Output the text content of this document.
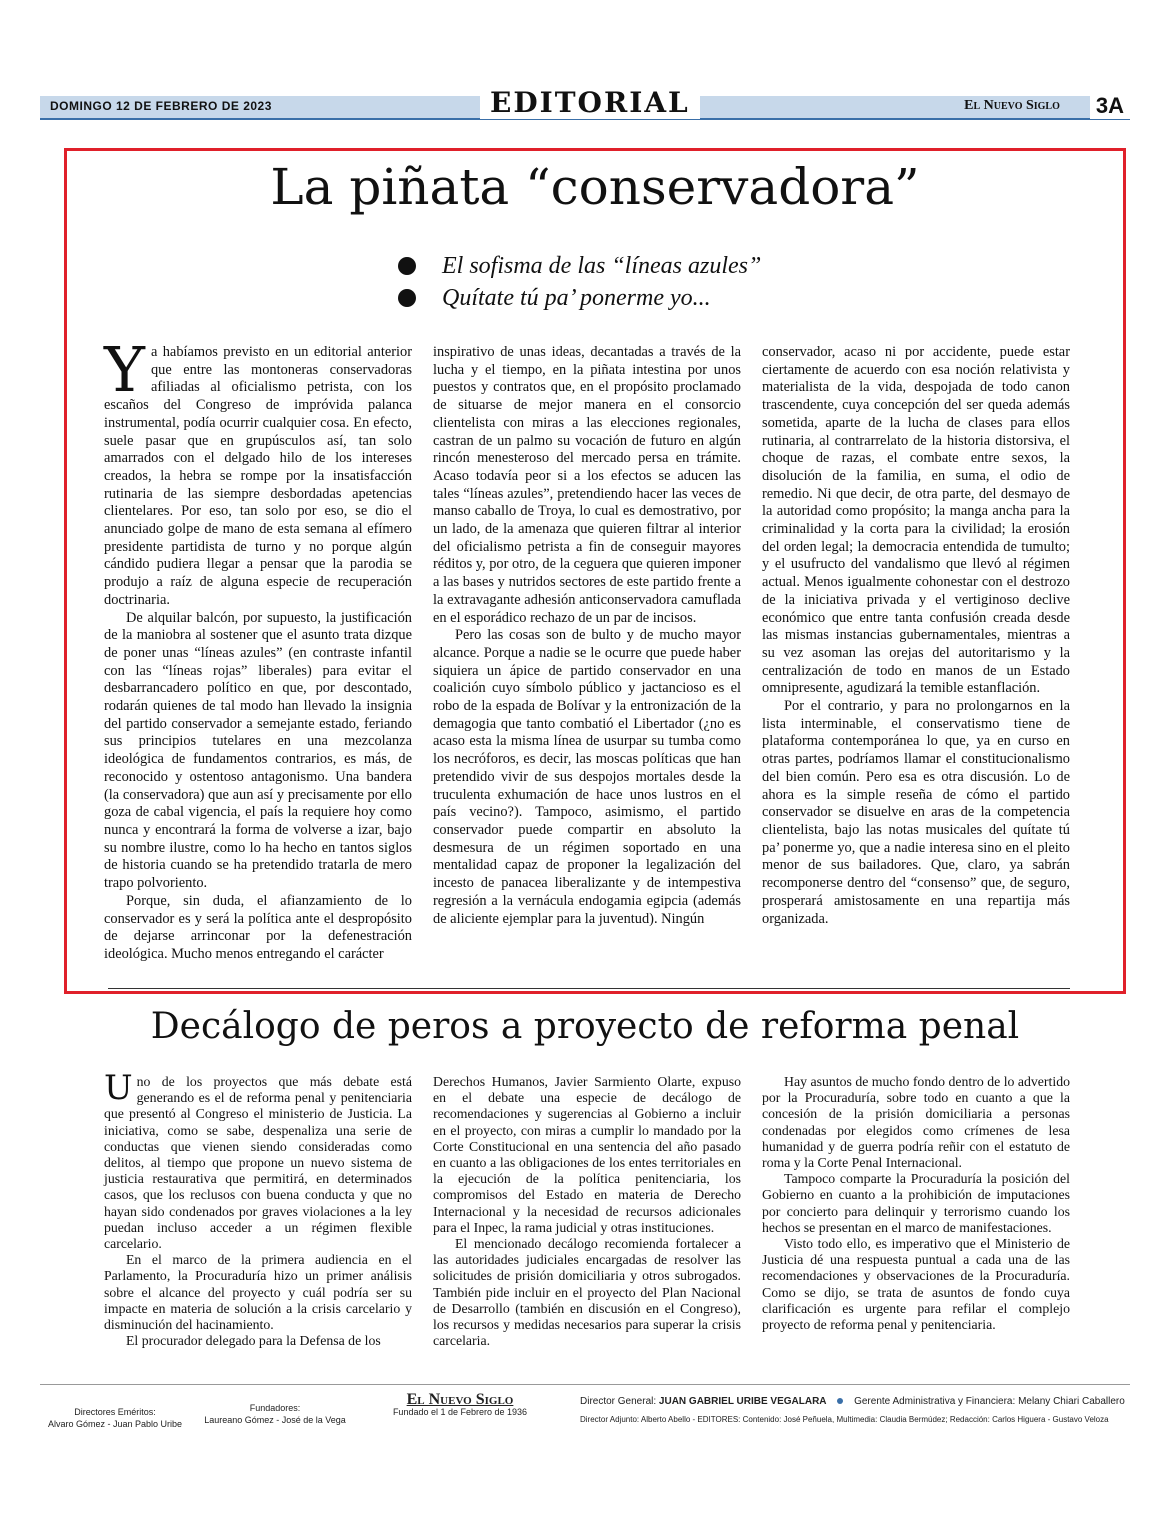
DOMINGO 12 DE FEBRERO DE 2023	EDITORIAL	El Nuevo Siglo 3A
La piñata “conservadora”
El sofisma de las “líneas azules”
Quítate tú pa’ ponerme yo...

Ya habíamos previsto en un editorial anterior que entre las montoneras conservadoras afiliadas al oficialismo petrista, con los escaños del Congreso de impróvida palanca instrumental, podía ocurrir cualquier cosa. En efecto, suele pasar que en grupúsculos así, tan solo amarrados con el delgado hilo de los intereses creados, la hebra se rompe por la insatisfacción rutinaria de las siempre desbordadas apetencias clientelares. Por eso, tan solo por eso, se dio el anunciado golpe de mano de esta semana al efímero presidente partidista de turno y no porque algún cándido pudiera llegar a pensar que la parodia se produjo a raíz de alguna especie de recuperación doctrinaria.

De alquilar balcón, por supuesto, la justificación de la maniobra al sostener que el asunto trata dizque de poner unas “líneas azules” (en contraste infantil con las “líneas rojas” liberales) para evitar el desbarrancadero político en que, por descontado, rodarán quienes de tal modo han llevado la insignia del partido conservador a semejante estado, feriando sus principios tutelares en una mezcolanza ideológica de fundamentos contrarios, es más, de reconocido y ostentoso antagonismo. Una bandera (la conservadora) que aun así y precisamente por ello goza de cabal vigencia, el país la requiere hoy como nunca y encontrará la forma de volverse a izar, bajo su nombre ilustre, como lo ha hecho en tantos siglos de historia cuando se ha pretendido tratarla de mero trapo polvoriento.

Porque, sin duda, el afianzamiento de lo conservador es y será la política ante el despropósito de dejarse arrinconar por la defenestración ideológica. Mucho menos entregando el carácter

inspirativo de unas ideas, decantadas a través de la lucha y el tiempo, en la piñata intestina por unos puestos y contratos que, en el propósito proclamado de situarse de mejor manera en el consorcio clientelista con miras a las elecciones regionales, castran de un palmo su vocación de futuro en algún rincón menesteroso del mercado persa en trámite. Acaso todavía peor si a los efectos se aducen las tales “líneas azules”, pretendiendo hacer las veces de manso caballo de Troya, lo cual es demostrativo, por un lado, de la amenaza que quieren filtrar al interior del oficialismo petrista a fin de conseguir mayores réditos y, por otro, de la ceguera que quieren imponer a las bases y nutridos sectores de este partido frente a la extravagante adhesión anticonservadora camuflada en el esporádico rechazo de un par de incisos.

Pero las cosas son de bulto y de mucho mayor alcance. Porque a nadie se le ocurre que puede haber siquiera un ápice de partido conservador en una coalición cuyo símbolo público y jactancioso es el robo de la espada de Bolívar y la entronización de la demagogia que tanto combatió el Libertador (¿no es acaso esta la misma línea de usurpar su tumba como los necróforos, es decir, las moscas políticas que han pretendido vivir de sus despojos mortales desde la truculenta exhumación de hace unos lustros en el país vecino?). Tampoco, asimismo, el partido conservador puede compartir en absoluto la desmesura de un régimen soportado en una mentalidad capaz de proponer la legalización del incesto de panacea liberalizante y de intempestiva regresión a la vernácula endogamia egipcia (además de aliciente ejemplar para la juventud). Ningún

conservador, acaso ni por accidente, puede estar ciertamente de acuerdo con esa noción relativista y materialista de la vida, despojada de todo canon trascendente, cuya concepción del ser queda además sometida, aparte de la lucha de clases para ellos rutinaria, al contrarrelato de la historia distorsiva, el choque de razas, el combate entre sexos, la disolución de la familia, en suma, el odio de remedio. Ni que decir, de otra parte, del desmayo de la autoridad como propósito; la manga ancha para la criminalidad y la corta para la civilidad; la erosión del orden legal; la democracia entendida de tumulto; y el usufructo del vandalismo que llevó al régimen actual. Menos igualmente cohonestar con el destrozo de la iniciativa privada y el vertiginoso declive económico que entre tanta confusión creada desde las mismas instancias gubernamentales, mientras a su vez asoman las orejas del autoritarismo y la centralización de todo en manos de un Estado omnipresente, agudizará la temible estanflación.

Por el contrario, y para no prolongarnos en la lista interminable, el conservatismo tiene de plataforma contemporánea lo que, ya en curso en otras partes, podríamos llamar el constitucionalismo del bien común. Pero esa es otra discusión. Lo de ahora es la simple reseña de cómo el partido conservador se disuelve en aras de la competencia clientelista, bajo las notas musicales del quítate tú pa’ ponerme yo, que a nadie interesa sino en el pleito menor de sus bailadores. Que, claro, ya sabrán recomponerse dentro del “consenso” que, de seguro, prosperará amistosamente en una repartija más organizada.

Decálogo de peros a proyecto de reforma penal

Uno de los proyectos que más debate está generando es el de reforma penal y penitenciaria que presentó al Congreso el ministerio de Justicia. La iniciativa, como se sabe, despenaliza una serie de conductas que vienen siendo consideradas como delitos, al tiempo que propone un nuevo sistema de justicia restaurativa que permitirá, en determinados casos, que los reclusos con buena conducta y que no hayan sido condenados por graves violaciones a la ley puedan incluso acceder a un régimen flexible carcelario.

En el marco de la primera audiencia en el Parlamento, la Procuraduría hizo un primer análisis sobre el alcance del proyecto y cuál podría ser su impacte en materia de solución a la crisis carcelario y disminución del hacinamiento.

El procurador delegado para la Defensa de los

Derechos Humanos, Javier Sarmiento Olarte, expuso en el debate una especie de decálogo de recomendaciones y sugerencias al Gobierno a incluir en el proyecto, con miras a cumplir lo mandado por la Corte Constitucional en una sentencia del año pasado en cuanto a las obligaciones de los entes territoriales en la ejecución de la política penitenciaria, los compromisos del Estado en materia de Derecho Internacional y la necesidad de recursos adicionales para el Inpec, la rama judicial y otras instituciones.

El mencionado decálogo recomienda fortalecer a las autoridades judiciales encargadas de resolver las solicitudes de prisión domiciliaria y otros subrogados. También pide incluir en el proyecto del Plan Nacional de Desarrollo (también en discusión en el Congreso), los recursos y medidas necesarios para superar la crisis carcelaria.

Hay asuntos de mucho fondo dentro de lo advertido por la Procuraduría, sobre todo en cuanto a que la concesión de la prisión domiciliaria a personas condenadas por elegidos como crímenes de lesa humanidad y de guerra podría reñir con el estatuto de roma y la Corte Penal Internacional.

Tampoco comparte la Procuraduría la posición del Gobierno en cuanto a la prohibición de imputaciones por concierto para delinquir y terrorismo cuando los hechos se presentan en el marco de manifestaciones.

Visto todo ello, es imperativo que el Ministerio de Justicia dé una respuesta puntual a cada una de las recomendaciones y observaciones de la Procuraduría. Como se dijo, se trata de asuntos de fondo cuya clarificación es urgente para refilar el complejo proyecto de reforma penal y penitenciaria.

Directores Eméritos:
Alvaro Gómez - Juan Pablo Uribe
Fundadores:
Laureano Gómez - José de la Vega
El Nuevo Siglo
Fundado el 1 de Febrero de 1936
Director General: JUAN GABRIEL URIBE VEGALARA	Gerente Administrativa y Financiera: Melany Chiari Caballero
Director Adjunto: Alberto Abello - EDITORES: Contenido: José Peñuela, Multimedia: Claudia Bermúdez; Redacción: Carlos Higuera - Gustavo Veloza
